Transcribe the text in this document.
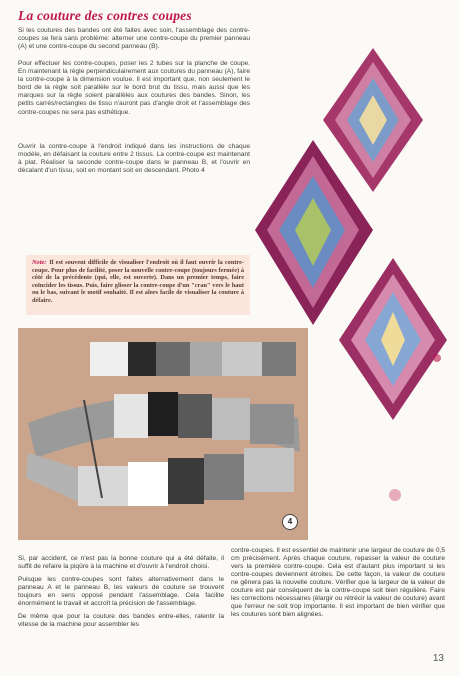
La couture des contres coupes

Si les coutures des bandes ont été faites avec soin, l'assemblage des contre-coupes se fera sans problème: alterner une contre-coupe du premier panneau (A) et une contre-coupe du second panneau (B).

Pour effectuer les contre-coupes, poser les 2 tubes sur la planche de coupe. En maintenant la règle perpendiculairement aux coutures du panneau (A), faire la contre-coupe à la dimension voulue. Il est important que, non seulement le bord de la règle soit parallèle sur le bord brut du tissu, mais aussi que les marques sur la règle soient parallèles aux coutures des bandes. Sinon, les petits carrés/rectangles de tissu n'auront pas d'angle droit et l'assemblage des contre-coupes ne sera pas esthétique.

Ouvrir la contre-coupe à l'endroit indiqué dans les instructions de chaque modèle, en défaisant la couture entre 2 tissus. La contre-coupe est maintenant à plat. Réaliser la seconde contre-coupe dans le panneau B, et l'ouvrir en décalant d'un tissu, soit en montant soit en descendant. Photo 4

Note: Il est souvent difficile de visualiser l'endroit où il faut ouvrir la contre-coupe. Pour plus de facilité, poser la nouvelle contre-coupe (toujours fermée) à côté de la précédente (qui, elle, est ouverte). Dans un premier temps, faire coïncider les tissus. Puis, faire glisser la contre-coupe d'un "cran" vers le haut ou le bas, suivant le motif souhaité. Il est alors facile de visualiser la couture à défaire.
4

Si, par accident, ce n'est pas la bonne couture qui a été défaite, il suffit de refaire la piqûre à la machine et d'ouvrir à l'endroit choisi.

Puisque les contre-coupes sont faites alternativement dans le panneau A et le panneau B, les valeurs de couture se trouvent toujours en sens opposé pendant l'assemblage. Cela facilite énormément le travail et accroît la précision de l'assemblage.

De même que pour la couture des bandes entre-elles, ralentir la vitesse de la machine pour assembler les

contre-coupes. Il est essentiel de maintenir une largeur de couture de 0,5 cm précisément. Après chaque couture, repasser la valeur de couture vers la première contre-coupe. Cela est d'autant plus important si les contre-coupes deviennent étroites. De cette façon, la valeur de couture ne gênera pas la nouvelle couture. Vérifier que la largeur de la valeur de couture est par conséquent de la contre-coupe soit bien régulière. Faire les corrections nécessaires (élargir ou rétrécir la valeur de couture) avant que l'erreur ne soit trop importante. Il est important de bien vérifier que les coutures sont bien alignées.

13
